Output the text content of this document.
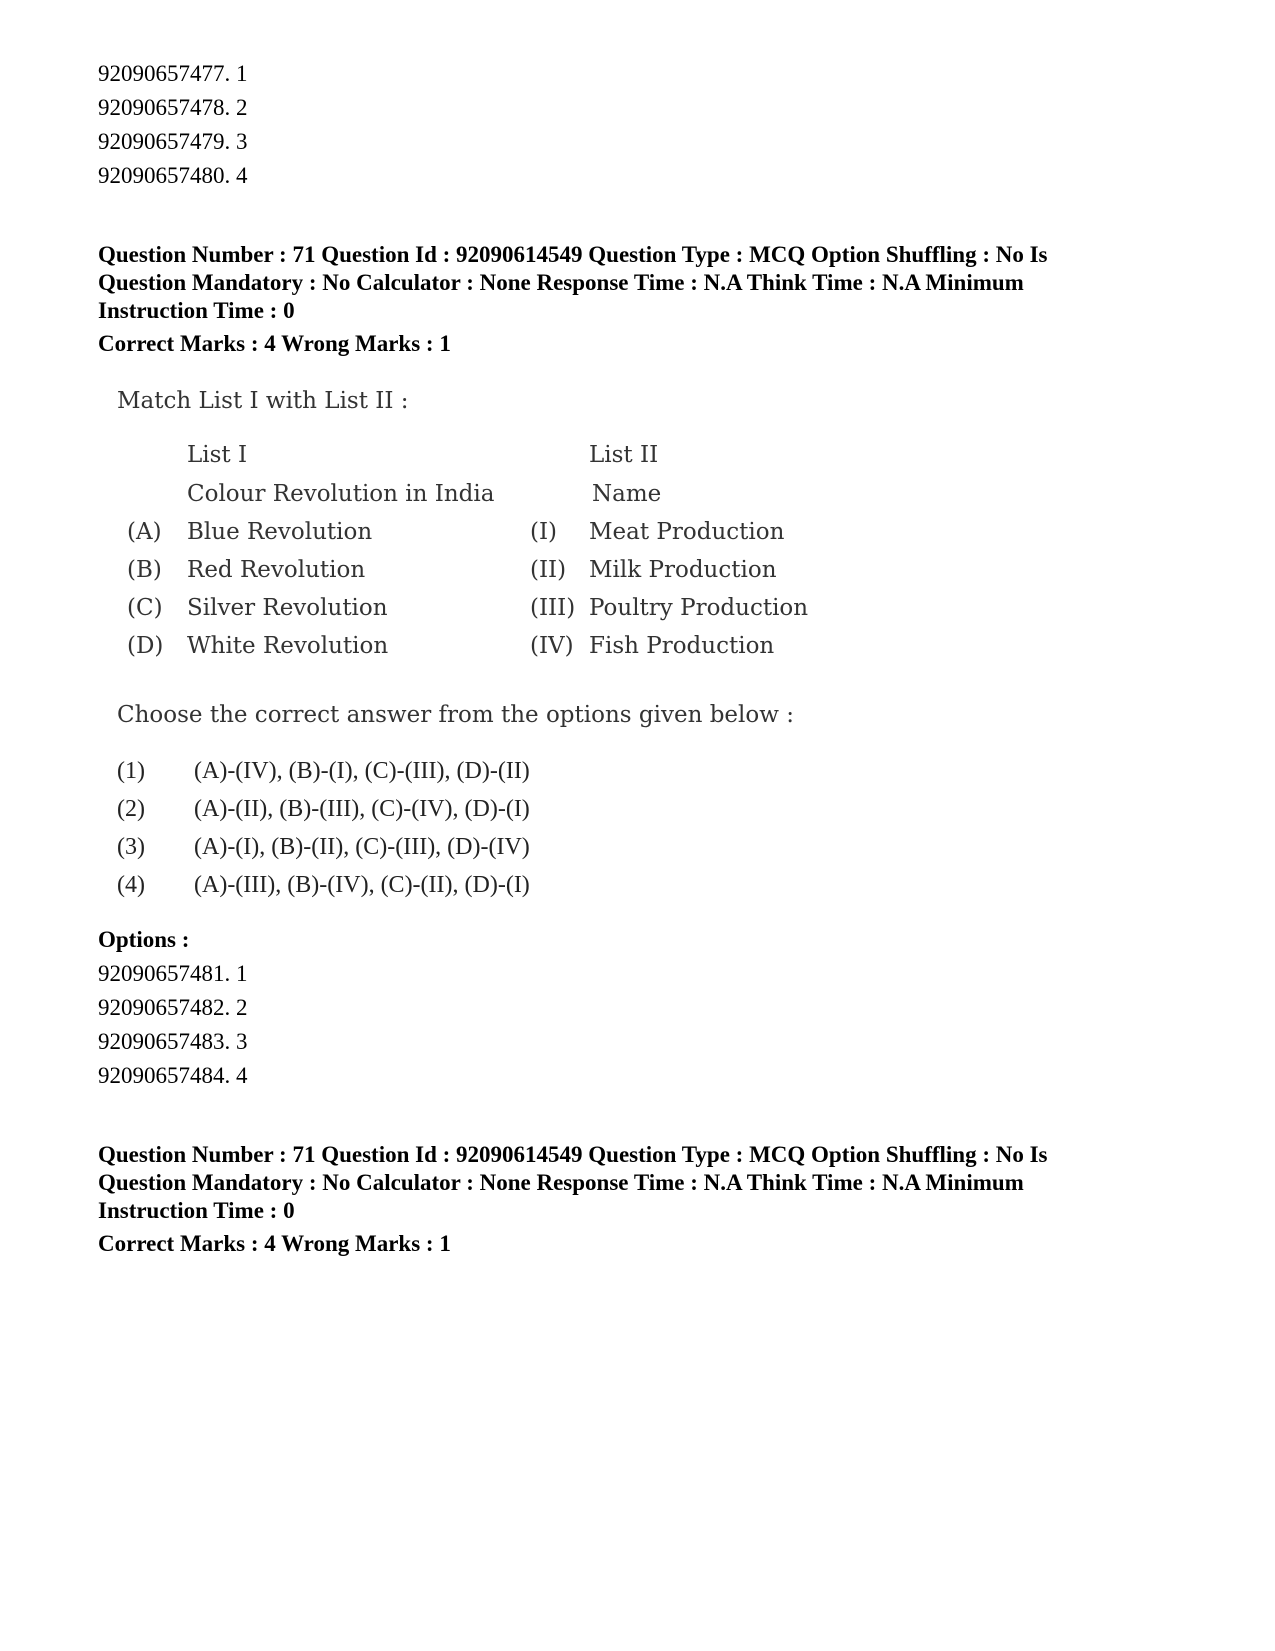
92090657477. 1
92090657478. 2
92090657479. 3
92090657480. 4
Question Number : 71 Question Id : 92090614549 Question Type : MCQ Option Shuffling : No Is
Question Mandatory : No Calculator : None Response Time : N.A Think Time : N.A Minimum
Instruction Time : 0
Correct Marks : 4 Wrong Marks : 1
Match List I with List II :
List I	List II
Colour Revolution in India	Name
(A) Blue Revolution	(I) Meat Production
(B) Red Revolution	(II) Milk Production
(C) Silver Revolution	(III) Poultry Production
(D) White Revolution	(IV) Fish Production
Choose the correct answer from the options given below :
(1) (A)-(IV), (B)-(I), (C)-(III), (D)-(II)
(2) (A)-(II), (B)-(III), (C)-(IV), (D)-(I)
(3) (A)-(I), (B)-(II), (C)-(III), (D)-(IV)
(4) (A)-(III), (B)-(IV), (C)-(II), (D)-(I)
Options :
92090657481. 1
92090657482. 2
92090657483. 3
92090657484. 4
Question Number : 71 Question Id : 92090614549 Question Type : MCQ Option Shuffling : No Is
Question Mandatory : No Calculator : None Response Time : N.A Think Time : N.A Minimum
Instruction Time : 0
Correct Marks : 4 Wrong Marks : 1
